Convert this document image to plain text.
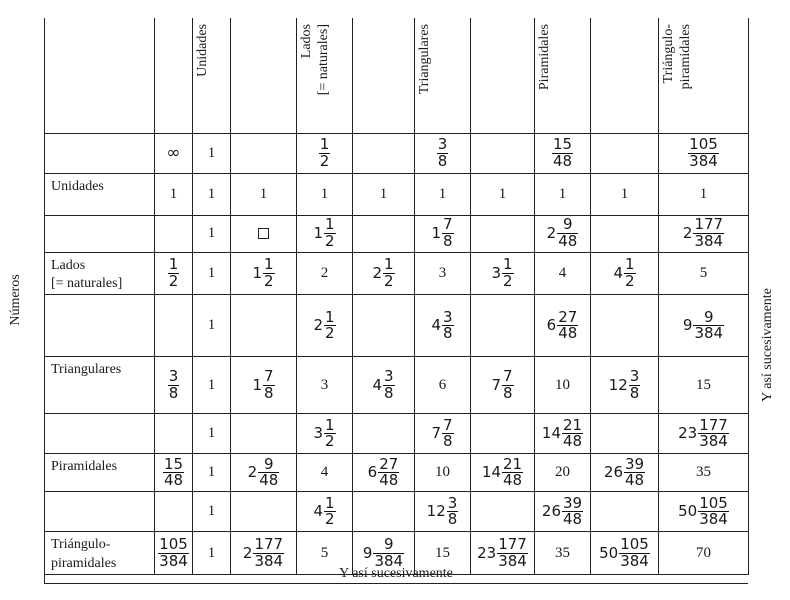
		Unidades		Lados [= naturales]		Triangulares		Piramidales		Triángulo- piramidales

	∞	1		$\frac{1}{2}$		$\frac{3}{8}$		$\frac{15}{48}$		$\frac{105}{384}$

Unidades	1	1	1	1	1	1	1	1	1	1
		1		$1 \frac{1}{2}$		$1 \frac{7}{8}$		$2 \frac{9}{48}$		$2 \frac{177}{384}$

Lados
[= naturales]	$\frac{1}{2}$	1	$1 \frac{1}{2}$	2	$2 \frac{1}{2}$	3	$3 \frac{1}{2}$	4	$4 \frac{1}{2}$	5
		1		$2 \frac{1}{2}$		$4 \frac{3}{8}$		$6 \frac{27}{48}$		$9 \frac{9}{384}$

Triangulares	$\frac{3}{8}$	1	$1 \frac{7}{8}$	3	$4 \frac{3}{8}$	6	$7 \frac{7}{8}$	10	$12 \frac{3}{8}$	15
		1		$3 \frac{1}{2}$		$7 \frac{7}{8}$		$14 \frac{21}{48}$		$23 \frac{177}{384}$

Piramidales	$\frac{15}{48}$	1	$2 \frac{9}{48}$	4	$6 \frac{27}{48}$	10	$14 \frac{21}{48}$	20	$26 \frac{39}{48}$	35
		1		$4 \frac{1}{2}$		$12 \frac{3}{8}$		$26 \frac{39}{48}$		$50 \frac{105}{384}$

Triángulo-
piramidales	$\frac{105}{384}$	1	$2 \frac{177}{384}$	5	$9 \frac{9}{384}$	15	$23 \frac{177}{384}$	35	$50 \frac{105}{384}$	70
Números	Y así sucesivamente
Y así sucesivamente
